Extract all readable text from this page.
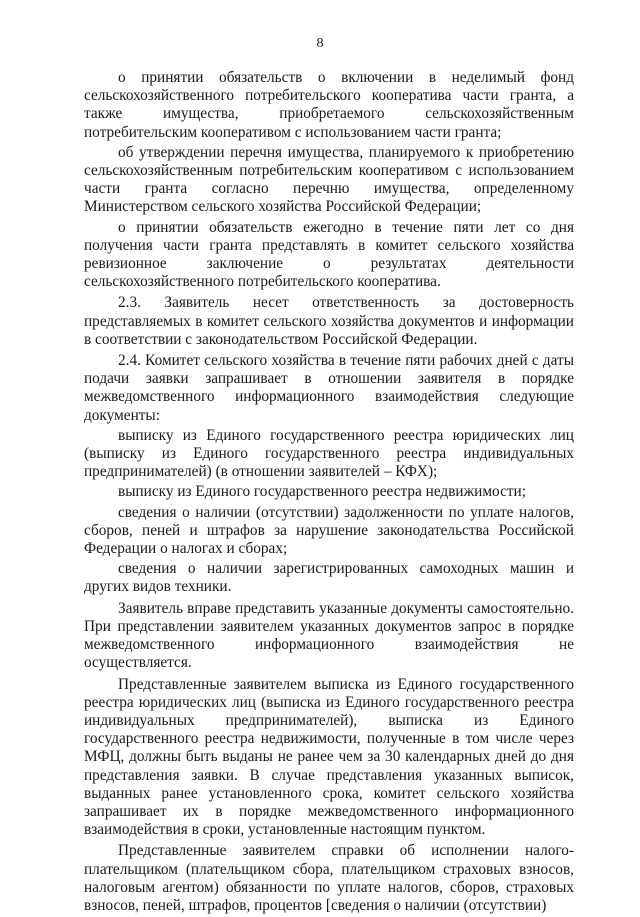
8

о принятии обязательств о включении в неделимый фонд сельскохозяйственного потребительского кооператива части гранта, а также имущества, приобретаемого сельскохозяйственным потребительским кооперативом с использованием части гранта;

об утверждении перечня имущества, планируемого к приобретению сельскохозяйственным потребительским кооперативом с использованием части гранта согласно перечню имущества, определенному Министерством сельского хозяйства Российской Федерации;

о принятии обязательств ежегодно в течение пяти лет со дня получения части гранта представлять в комитет сельского хозяйства ревизионное заключение о результатах деятельности сельскохозяйственного потребительского кооператива.

2.3. Заявитель несет ответственность за достоверность представляемых в комитет сельского хозяйства документов и информации в соответствии с законодательством Российской Федерации.

2.4. Комитет сельского хозяйства в течение пяти рабочих дней с даты подачи заявки запрашивает в отношении заявителя в порядке межведомственного информационного взаимодействия следующие документы:

выписку из Единого государственного реестра юридических лиц (выписку из Единого государственного реестра индивидуальных предпринимателей) (в отношении заявителей – КФХ);

выписку из Единого государственного реестра недвижимости;

сведения о наличии (отсутствии) задолженности по уплате налогов, сборов, пеней и штрафов за нарушение законодательства Российской Федерации о налогах и сборах;

сведения о наличии зарегистрированных самоходных машин и других видов техники.

Заявитель вправе представить указанные документы самостоятельно. При представлении заявителем указанных документов запрос в порядке межведомственного информационного взаимодействия не осуществляется.

Представленные заявителем выписка из Единого государственного реестра юридических лиц (выписка из Единого государственного реестра индивидуальных предпринимателей), выписка из Единого государственного реестра недвижимости, полученные в том числе через МФЦ, должны быть выданы не ранее чем за 30 календарных дней до дня представления заявки. В случае представления указанных выписок, выданных ранее установленного срока, комитет сельского хозяйства запрашивает их в порядке межведомственного информационного взаимодействия в сроки, установленные настоящим пунктом.

Представленные заявителем справки об исполнении налого-плательщиком (плательщиком сбора, плательщиком страховых взносов, налоговым агентом) обязанности по уплате налогов, сборов, страховых взносов, пеней, штрафов, процентов [сведения о наличии (отсутствии)
